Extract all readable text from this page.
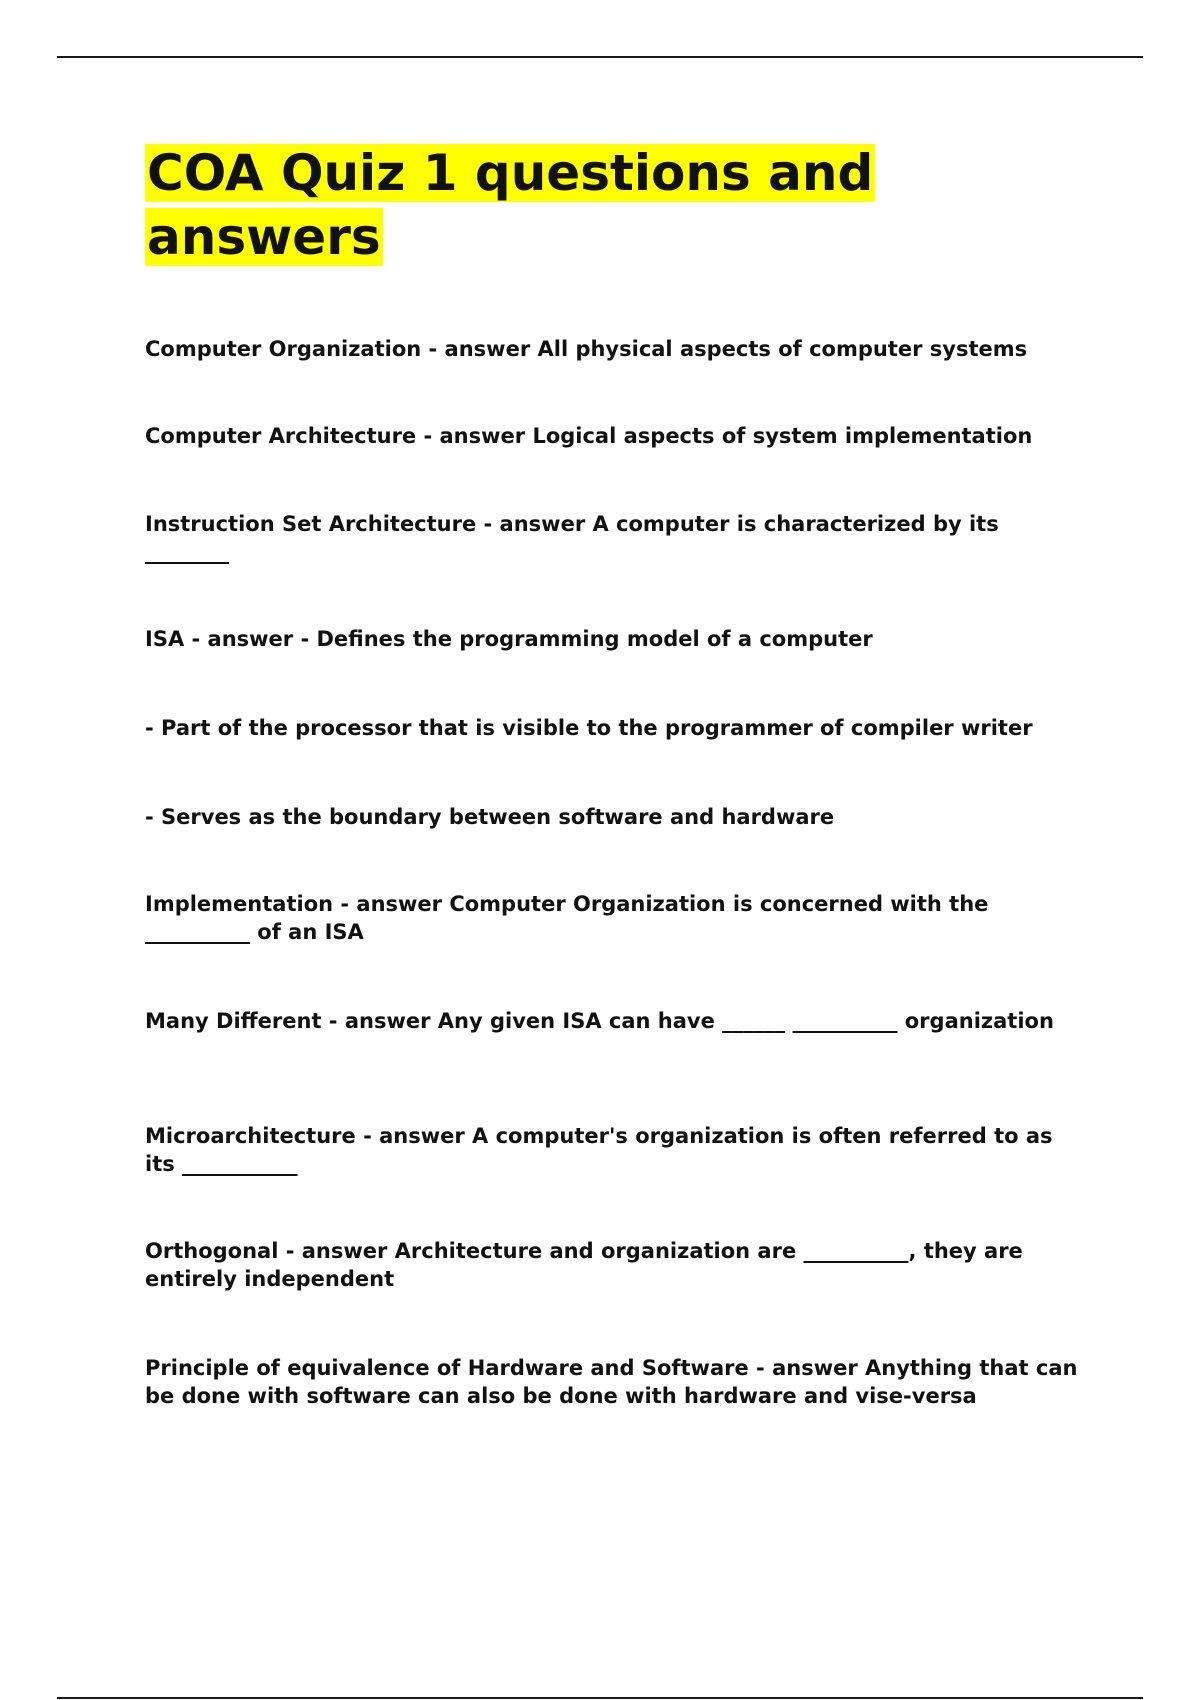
COA Quiz 1 questions and
answers

Computer Organization - answer All physical aspects of computer systems

Computer Architecture - answer Logical aspects of system implementation

Instruction Set Architecture - answer A computer is characterized by its ________

ISA - answer - Defines the programming model of a computer

- Part of the processor that is visible to the programmer of compiler writer

- Serves as the boundary between software and hardware

Implementation - answer Computer Organization is concerned with the __________ of an ISA

Many Different - answer Any given ISA can have ______ __________ organization

Microarchitecture - answer A computer's organization is often referred to as its ___________

Orthogonal - answer Architecture and organization are __________, they are entirely independent

Principle of equivalence of Hardware and Software - answer Anything that can be done with software can also be done with hardware and vise-versa
